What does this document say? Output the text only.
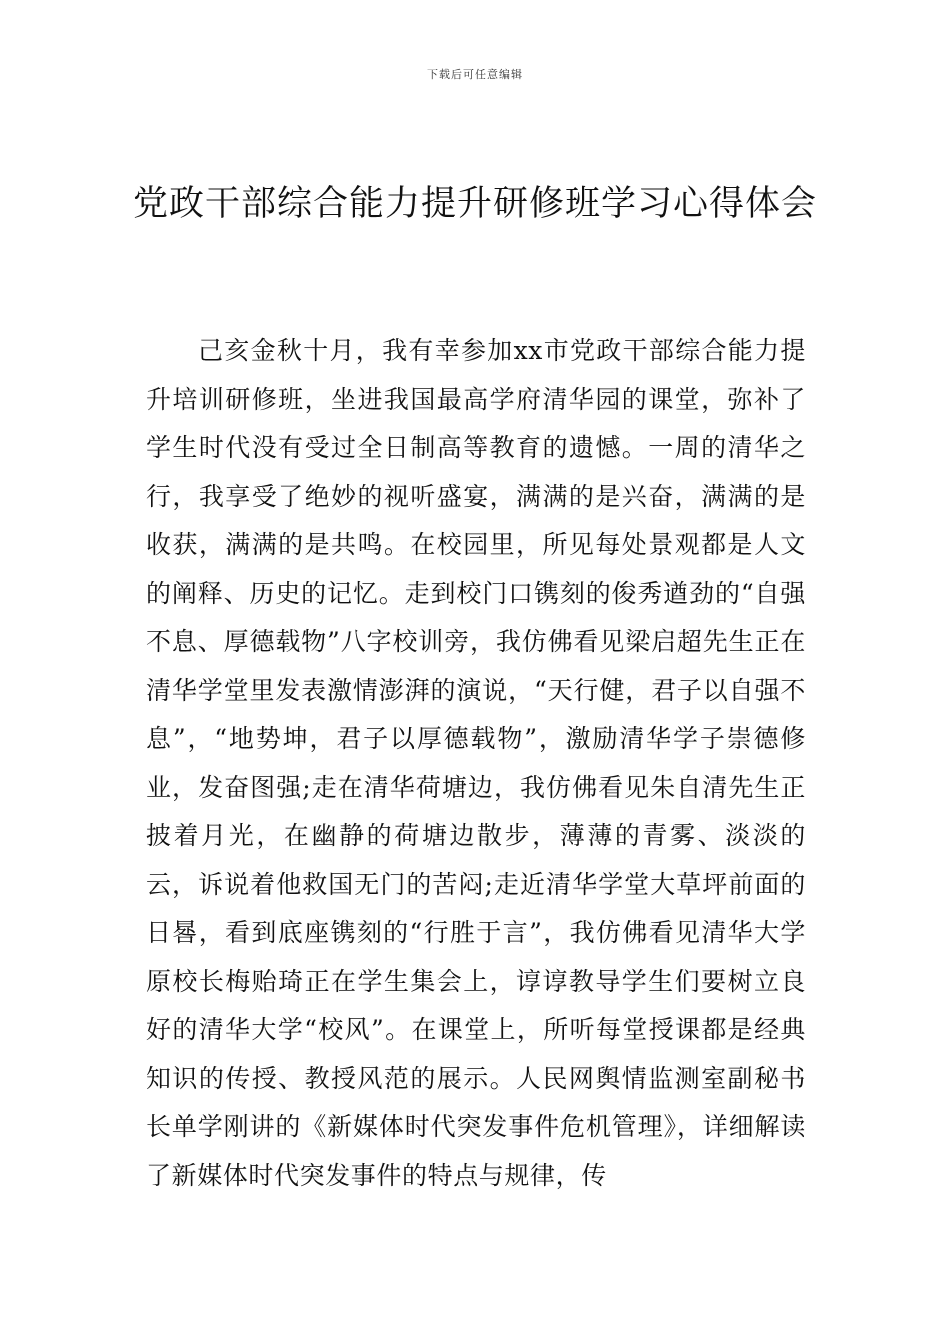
下载后可任意编辑
党政干部综合能力提升研修班学习心得体会

己亥金秋十月，我有幸参加xx市党政干部综合能力提升培训研修班，坐进我国最高学府清华园的课堂，弥补了学生时代没有受过全日制高等教育的遗憾。一周的清华之行，我享受了绝妙的视听盛宴，满满的是兴奋，满满的是收获，满满的是共鸣。在校园里，所见每处景观都是人文的阐释、历史的记忆。走到校门口镌刻的俊秀遒劲的“自强不息、厚德载物”八字校训旁，我仿佛看见梁启超先生正在清华学堂里发表激情澎湃的演说，“天行健，君子以自强不息”，“地势坤，君子以厚德载物”，激励清华学子崇德修业，发奋图强;走在清华荷塘边，我仿佛看见朱自清先生正披着月光，在幽静的荷塘边散步，薄薄的青雾、淡淡的云，诉说着他救国无门的苦闷;走近清华学堂大草坪前面的日晷，看到底座镌刻的“行胜于言”，我仿佛看见清华大学原校长梅贻琦正在学生集会上，谆谆教导学生们要树立良好的清华大学“校风”。在课堂上，所听每堂授课都是经典知识的传授、教授风范的展示。人民网舆情监测室副秘书长单学刚讲的《新媒体时代突发事件危机管理》，详细解读了新媒体时代突发事件的特点与规律，传
